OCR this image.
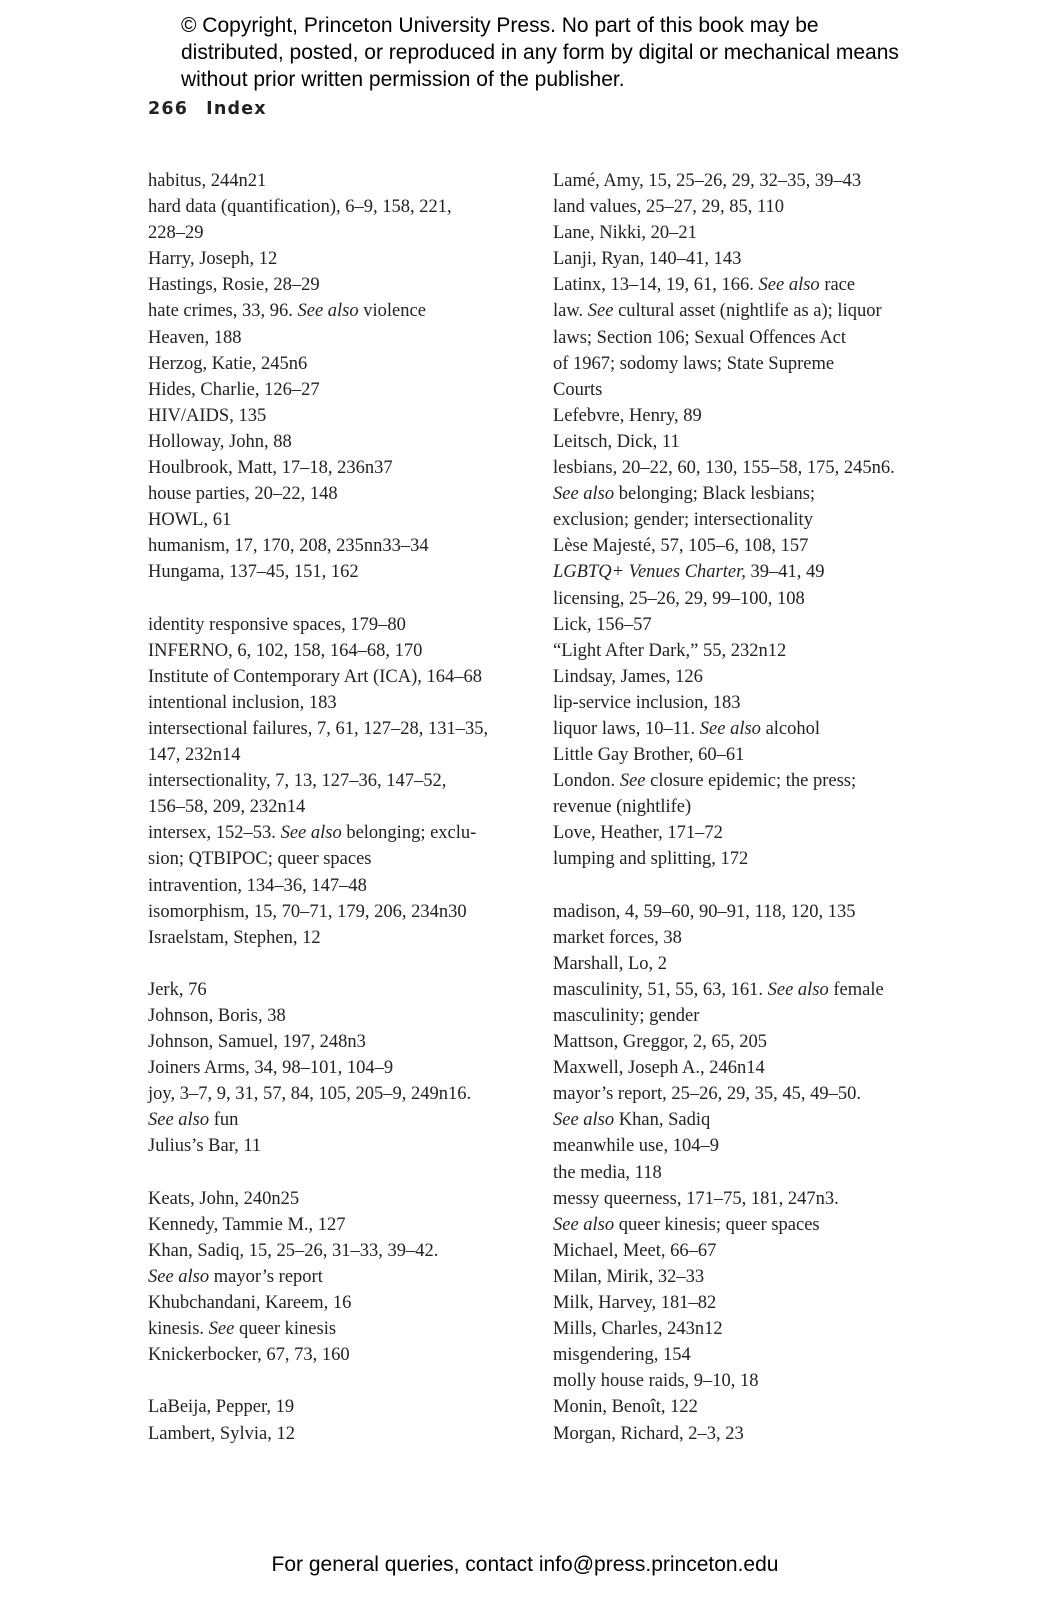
© Copyright, Princeton University Press. No part of this book may be distributed, posted, or reproduced in any form by digital or mechanical means without prior written permission of the publisher.
266 Index
habitus, 244n21
hard data (quantification), 6–9, 158, 221,
228–29
Harry, Joseph, 12
Hastings, Rosie, 28–29
hate crimes, 33, 96. See also violence
Heaven, 188
Herzog, Katie, 245n6
Hides, Charlie, 126–27
HIV/AIDS, 135
Holloway, John, 88
Houlbrook, Matt, 17–18, 236n37
house parties, 20–22, 148
HOWL, 61
humanism, 17, 170, 208, 235nn33–34
Hungama, 137–45, 151, 162
identity responsive spaces, 179–80
INFERNO, 6, 102, 158, 164–68, 170
Institute of Contemporary Art (ICA), 164–68
intentional inclusion, 183
intersectional failures, 7, 61, 127–28, 131–35,
147, 232n14
intersectionality, 7, 13, 127–36, 147–52,
156–58, 209, 232n14
intersex, 152–53. See also belonging; exclu-
sion; QTBIPOC; queer spaces
intravention, 134–36, 147–48
isomorphism, 15, 70–71, 179, 206, 234n30
Israelstam, Stephen, 12
Jerk, 76
Johnson, Boris, 38
Johnson, Samuel, 197, 248n3
Joiners Arms, 34, 98–101, 104–9
joy, 3–7, 9, 31, 57, 84, 105, 205–9, 249n16.
See also fun
Julius’s Bar, 11
Keats, John, 240n25
Kennedy, Tammie M., 127
Khan, Sadiq, 15, 25–26, 31–33, 39–42.
See also mayor’s report
Khubchandani, Kareem, 16
kinesis. See queer kinesis
Knickerbocker, 67, 73, 160
LaBeija, Pepper, 19
Lambert, Sylvia, 12
Lamé, Amy, 15, 25–26, 29, 32–35, 39–43
land values, 25–27, 29, 85, 110
Lane, Nikki, 20–21
Lanji, Ryan, 140–41, 143
Latinx, 13–14, 19, 61, 166. See also race
law. See cultural asset (nightlife as a); liquor
laws; Section 106; Sexual Offences Act
of 1967; sodomy laws; State Supreme
Courts
Lefebvre, Henry, 89
Leitsch, Dick, 11
lesbians, 20–22, 60, 130, 155–58, 175, 245n6.
See also belonging; Black lesbians;
exclusion; gender; intersectionality
Lèse Majesté, 57, 105–6, 108, 157
LGBTQ+ Venues Charter, 39–41, 49
licensing, 25–26, 29, 99–100, 108
Lick, 156–57
“Light After Dark,” 55, 232n12
Lindsay, James, 126
lip-service inclusion, 183
liquor laws, 10–11. See also alcohol
Little Gay Brother, 60–61
London. See closure epidemic; the press;
revenue (nightlife)
Love, Heather, 171–72
lumping and splitting, 172
madison, 4, 59–60, 90–91, 118, 120, 135
market forces, 38
Marshall, Lo, 2
masculinity, 51, 55, 63, 161. See also female
masculinity; gender
Mattson, Greggor, 2, 65, 205
Maxwell, Joseph A., 246n14
mayor’s report, 25–26, 29, 35, 45, 49–50.
See also Khan, Sadiq
meanwhile use, 104–9
the media, 118
messy queerness, 171–75, 181, 247n3.
See also queer kinesis; queer spaces
Michael, Meet, 66–67
Milan, Mirik, 32–33
Milk, Harvey, 181–82
Mills, Charles, 243n12
misgendering, 154
molly house raids, 9–10, 18
Monin, Benoît, 122
Morgan, Richard, 2–3, 23
For general queries, contact info@press.princeton.edu
